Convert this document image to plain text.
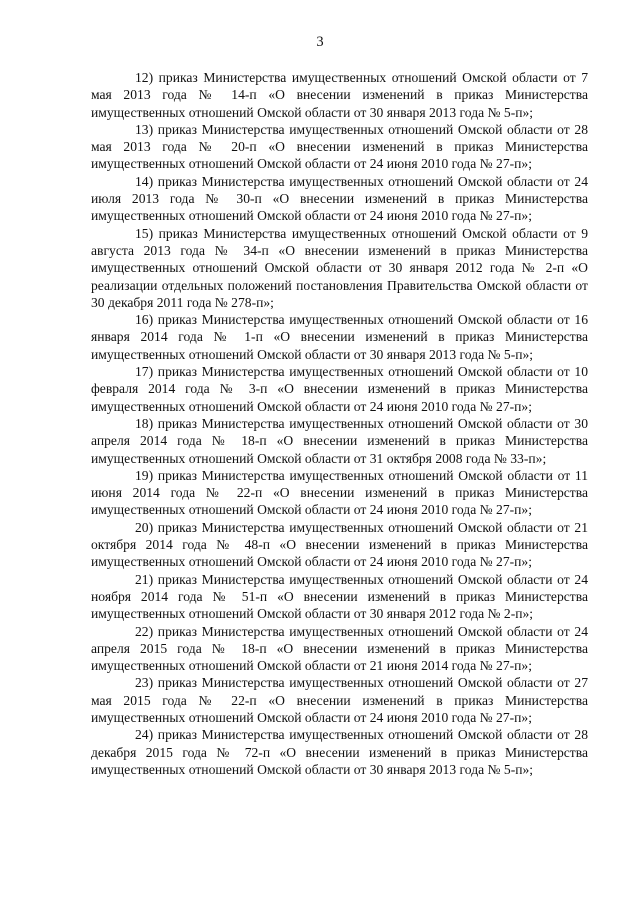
3

12) приказ Министерства имущественных отношений Омской области от 7 мая 2013 года № 14-п «О внесении изменений в приказ Министерства имущественных отношений Омской области от 30 января 2013 года № 5-п»;

13) приказ Министерства имущественных отношений Омской области от 28 мая 2013 года № 20-п «О внесении изменений в приказ Министерства имущественных отношений Омской области от 24 июня 2010 года № 27-п»;

14) приказ Министерства имущественных отношений Омской области от 24 июля 2013 года № 30-п «О внесении изменений в приказ Министерства имущественных отношений Омской области от 24 июня 2010 года № 27-п»;

15) приказ Министерства имущественных отношений Омской области от 9 августа 2013 года № 34-п «О внесении изменений в приказ Министерства имущественных отношений Омской области от 30 января 2012 года № 2-п «О реализации отдельных положений постановления Правительства Омской области от 30 декабря 2011 года № 278-п»;

16) приказ Министерства имущественных отношений Омской области от 16 января 2014 года № 1-п «О внесении изменений в приказ Министерства имущественных отношений Омской области от 30 января 2013 года № 5-п»;

17) приказ Министерства имущественных отношений Омской области от 10 февраля 2014 года № 3-п «О внесении изменений в приказ Министерства имущественных отношений Омской области от 24 июня 2010 года № 27-п»;

18) приказ Министерства имущественных отношений Омской области от 30 апреля 2014 года № 18-п «О внесении изменений в приказ Министерства имущественных отношений Омской области от 31 октября 2008 года № 33-п»;

19) приказ Министерства имущественных отношений Омской области от 11 июня 2014 года № 22-п «О внесении изменений в приказ Министерства имущественных отношений Омской области от 24 июня 2010 года № 27-п»;

20) приказ Министерства имущественных отношений Омской области от 21 октября 2014 года № 48-п «О внесении изменений в приказ Министерства имущественных отношений Омской области от 24 июня 2010 года № 27-п»;

21) приказ Министерства имущественных отношений Омской области от 24 ноября 2014 года № 51-п «О внесении изменений в приказ Министерства имущественных отношений Омской области от 30 января 2012 года № 2-п»;

22) приказ Министерства имущественных отношений Омской области от 24 апреля 2015 года № 18-п «О внесении изменений в приказ Министерства имущественных отношений Омской области от 21 июня 2014 года № 27-п»;

23) приказ Министерства имущественных отношений Омской области от 27 мая 2015 года № 22-п «О внесении изменений в приказ Министерства имущественных отношений Омской области от 24 июня 2010 года № 27-п»;

24) приказ Министерства имущественных отношений Омской области от 28 декабря 2015 года № 72-п «О внесении изменений в приказ Министерства имущественных отношений Омской области от 30 января 2013 года № 5-п»;
